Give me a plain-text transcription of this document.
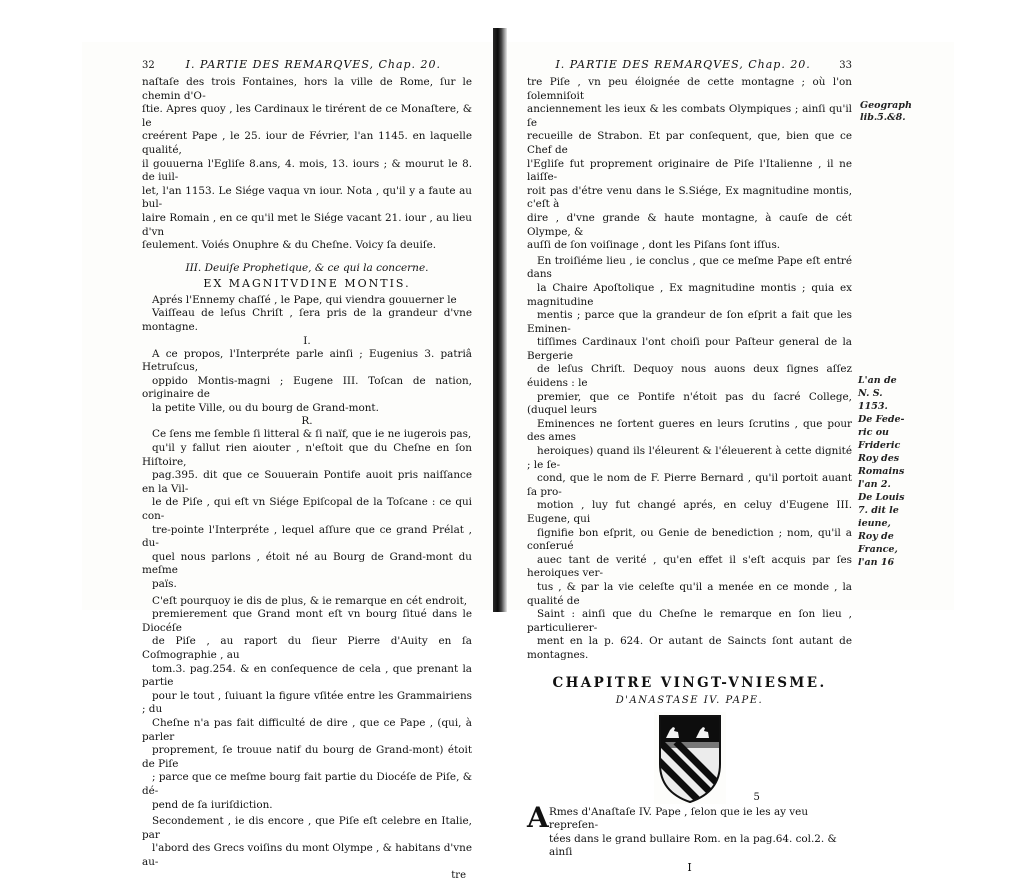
32	I. PARTIE DES REMARQVES, Chap. 20.
naſtaſe des trois Fontaines, hors la ville de Rome, ſur le chemin d'O-
ſtie. Apres quoy , les Cardinaux le tirérent de ce Monaſtere, & le
creérent Pape , le 25. iour de Février, l'an 1145. en laquelle qualité,
il gouuerna l'Egliſe 8.ans, 4. mois, 13. iours ; & mourut le 8. de iuil-
let, l'an 1153. Le Siége vaqua vn iour. Nota , qu'il y a faute au bul-
laire Romain , en ce qu'il met le Siége vacant 21. iour , au lieu d'vn
ſeulement. Voiés Onuphre & du Cheſne. Voicy ſa deuiſe.
III. Deuiſe Prophetique, & ce qui la concerne.
EX MAGNITVDINE MONTIS.
Aprés l'Ennemy chaſſé , le Pape, qui viendra gouuerner le
Vaiſſeau de leſus Chriſt , ſera pris de la grandeur d'vne montagne.
I.
A ce propos, l'Interpréte parle ainſi ; Eugenius 3. patriâ Hetruſcus,
oppido Montis-magni ; Eugene III. Toſcan de nation, originaire de
la petite Ville, ou du bourg de Grand-mont.
R.
Ce ſens me ſemble ſi litteral & ſi naïf, que ie ne iugerois pas,
qu'il y fallut rien aiouter , n'eſtoit que du Cheſne en ſon Hiſtoire,
pag.395. dit que ce Souuerain Pontife auoit pris naiſſance en la Vil-
le de Piſe , qui eſt vn Siége Epiſcopal de la Toſcane : ce qui con-
tre-pointe l'Interpréte , lequel aſſure que ce grand Prélat , du-
quel nous parlons , étoit né au Bourg de Grand-mont du meſme
païs.
C'eſt pourquoy ie dis de plus, & ie remarque en cét endroit,
premierement que Grand mont eſt vn bourg ſitué dans le Diocéſe
de Piſe , au raport du ſieur Pierre d'Auity en ſa Coſmographie , au
tom.3. pag.254. & en conſequence de cela , que prenant la partie
pour le tout , ſuiuant la figure vſitée entre les Grammairiens ; du
Cheſne n'a pas fait difficulté de dire , que ce Pape , (qui, à parler
proprement, ſe trouue natif du bourg de Grand-mont) étoit de Piſe
; parce que ce meſme bourg fait partie du Diocéſe de Piſe, & dé-
pend de ſa iuriſdiction.
Secondement , ie dis encore , que Piſe eſt celebre en Italie, par
l'abord des Grecs voiſins du mont Olympe , & habitans d'vne au-
tre
I. PARTIE DES REMARQVES, Chap. 20.	33
tre Piſe , vn peu éloignée de cette montagne ; où l'on ſolemniſoit
anciennement les ieux & les combats Olympiques ; ainſi qu'il ſe
recueille de Strabon. Et par conſequent, que, bien que ce Chef de
l'Egliſe fut proprement originaire de Piſe l'Italienne , il ne laiſſe-
roit pas d'étre venu dans le S.Siége, Ex magnitudine montis, c'eſt à
dire , d'vne grande & haute montagne, à cauſe de cét Olympe, &
auſſi de ſon voiſinage , dont les Piſans ſont iſſus.
En troiſiéme lieu , ie conclus , que ce meſme Pape eſt entré dans
la Chaire Apoſtolique , Ex magnitudine montis ; quia ex magnitudine
mentis ; parce que la grandeur de ſon eſprit a fait que les Eminen-
tiſſimes Cardinaux l'ont choiſi pour Paſteur general de la Bergerie
de leſus Chriſt. Dequoy nous auons deux ſignes aſſez éuidens : le
premier, que ce Pontife n'étoit pas du ſacré College, (duquel leurs
Eminences ne ſortent gueres en leurs ſcrutins , que pour des ames
heroiques) quand ils l'éleurent & l'éleuerent à cette dignité ; le ſe-
cond, que le nom de F. Pierre Bernard , qu'il portoit auant ſa pro-
motion , luy fut changé aprés, en celuy d'Eugene III. Eugene, qui
ſignifie bon eſprit, ou Genie de benediction ; nom, qu'il a conſerué
auec tant de verité , qu'en effet il s'eſt acquis par ſes heroiques ver-
tus , & par la vie celeſte qu'il a menée en ce monde , la qualité de
Saint : ainſi que du Cheſne le remarque en ſon lieu , particulierer-
ment en la p. 624. Or autant de Saincts ſont autant de montagnes.
CHAPITRE VINGT-VNIESME.
D'ANASTASE IV. PAPE.
5
A Rmes d'Anaſtaſe IV. Pape , ſelon que ie les ay veu repreſen-
tées dans le grand bullaire Rom. en la pag.64. col.2. & ainſi
I
Geograph
lib.5.&8.
L'an de
N. S.
1153.
De Fede-
ric ou
Frideric
Roy des
Romains
l'an 2.
De Louis
7. dit le
ieune,
Roy de
France,
l'an 16
